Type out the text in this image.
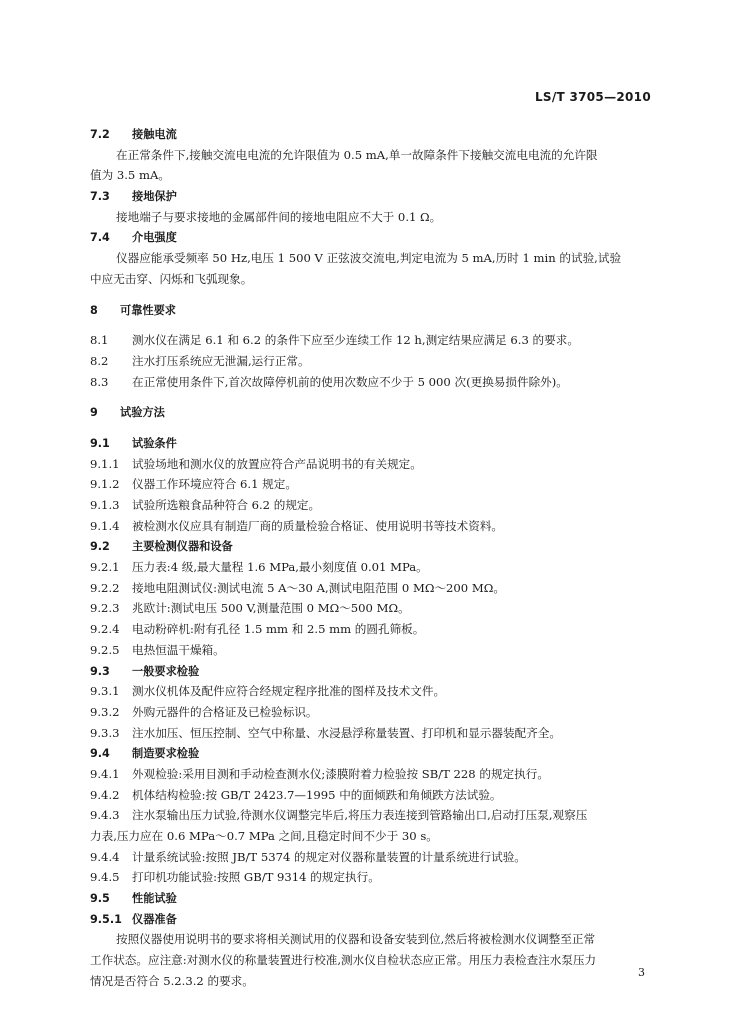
LS/T 3705—2010
7.2 接触电流
在正常条件下,接触交流电电流的允许限值为 0.5 mA,单一故障条件下接触交流电电流的允许限
值为 3.5 mA。
7.3 接地保护
接地端子与要求接地的金属部件间的接地电阻应不大于 0.1 Ω。
7.4 介电强度
仪器应能承受频率 50 Hz,电压 1 500 V 正弦波交流电,判定电流为 5 mA,历时 1 min 的试验,试验
中应无击穿、闪烁和飞弧现象。
8 可靠性要求
8.1 测水仪在满足 6.1 和 6.2 的条件下应至少连续工作 12 h,测定结果应满足 6.3 的要求。
8.2 注水打压系统应无泄漏,运行正常。
8.3 在正常使用条件下,首次故障停机前的使用次数应不少于 5 000 次(更换易损件除外)。
9 试验方法
9.1 试验条件
9.1.1 试验场地和测水仪的放置应符合产品说明书的有关规定。
9.1.2 仪器工作环境应符合 6.1 规定。
9.1.3 试验所选粮食品种符合 6.2 的规定。
9.1.4 被检测水仪应具有制造厂商的质量检验合格证、使用说明书等技术资料。
9.2 主要检测仪器和设备
9.2.1 压力表:4 级,最大量程 1.6 MPa,最小刻度值 0.01 MPa。
9.2.2 接地电阻测试仪:测试电流 5 A～30 A,测试电阻范围 0 MΩ～200 MΩ。
9.2.3 兆欧计:测试电压 500 V,测量范围 0 MΩ～500 MΩ。
9.2.4 电动粉碎机:附有孔径 1.5 mm 和 2.5 mm 的圆孔筛板。
9.2.5 电热恒温干燥箱。
9.3 一般要求检验
9.3.1 测水仪机体及配件应符合经规定程序批准的图样及技术文件。
9.3.2 外购元器件的合格证及已检验标识。
9.3.3 注水加压、恒压控制、空气中称量、水浸悬浮称量装置、打印机和显示器装配齐全。
9.4 制造要求检验
9.4.1 外观检验:采用目测和手动检查测水仪;漆膜附着力检验按 SB/T 228 的规定执行。
9.4.2 机体结构检验:按 GB/T 2423.7—1995 中的面倾跌和角倾跌方法试验。
9.4.3 注水泵输出压力试验,待测水仪调整完毕后,将压力表连接到管路输出口,启动打压泵,观察压
力表,压力应在 0.6 MPa～0.7 MPa 之间,且稳定时间不少于 30 s。
9.4.4 计量系统试验:按照 JB/T 5374 的规定对仪器称量装置的计量系统进行试验。
9.4.5 打印机功能试验:按照 GB/T 9314 的规定执行。
9.5 性能试验
9.5.1 仪器准备
按照仪器使用说明书的要求将相关测试用的仪器和设备安装到位,然后将被检测水仪调整至正常
工作状态。应注意:对测水仪的称量装置进行校准,测水仪自检状态应正常。用压力表检查注水泵压力
情况是否符合 5.2.3.2 的要求。
3
